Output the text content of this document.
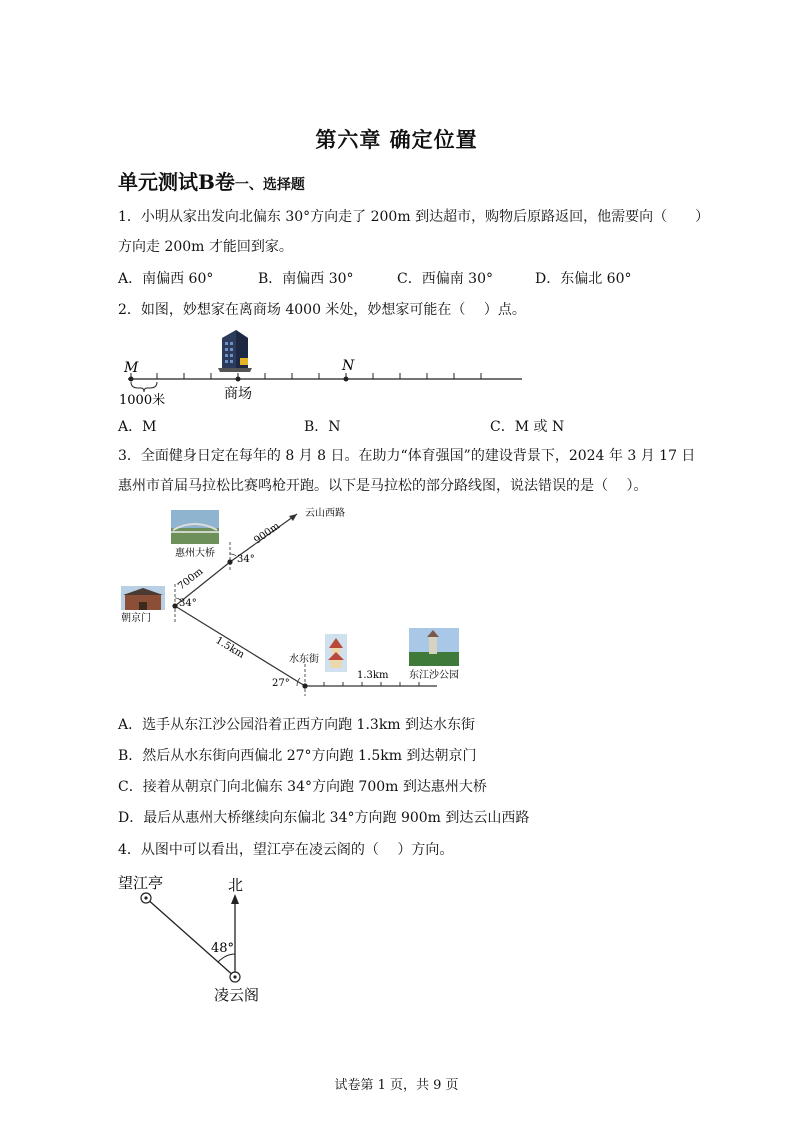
第六章 确定位置
单元测试B卷一、选择题
1．小明从家出发向北偏东 30°方向走了 200m 到达超市，购物后原路返回，他需要向（　　）
方向走 200m 才能回到家。
A．南偏西 60°	B．南偏西 30°	C．西偏南 30°	D．东偏北 60°
2．如图，妙想家在离商场 4000 米处，妙想家可能在（　 ）点。
M	N
1000米	商场
A．M	B．N	C．M 或 N
3．全面健身日定在每年的 8 月 8 日。在助力“体育强国”的建设背景下，2024 年 3 月 17 日
惠州市首届马拉松比赛鸣枪开跑。以下是马拉松的部分路线图，说法错误的是（　 ）。
云山西路
900m
700m
1.5km
1.3km
34°
34°
27°
惠州大桥
朝京门
水东街
东江沙公园
A．选手从东江沙公园沿着正西方向跑 1.3km 到达水东街
B．然后从水东街向西偏北 27°方向跑 1.5km 到达朝京门
C．接着从朝京门向北偏东 34°方向跑 700m 到达惠州大桥
D．最后从惠州大桥继续向东偏北 34°方向跑 900m 到达云山西路
4．从图中可以看出，望江亭在凌云阁的（　 ）方向。
望江亭	北
48°
凌云阁
试卷第 1 页，共 9 页
